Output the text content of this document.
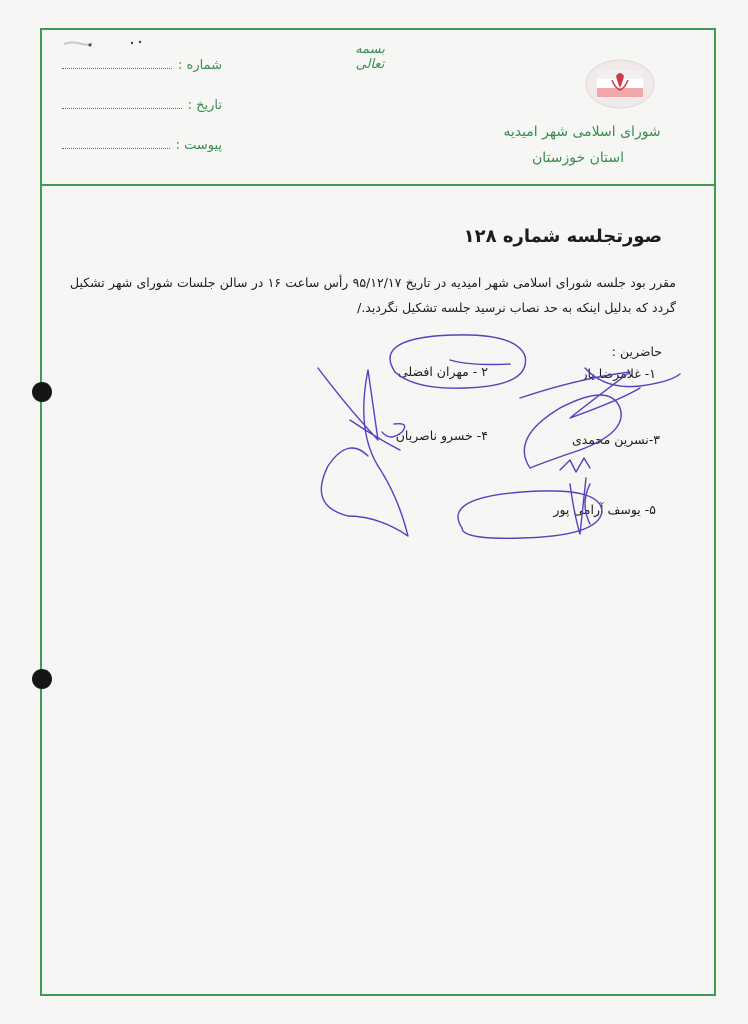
شماره :
تاریخ :
پیوست :
بسمه تعالی
شورای اسلامی شهر امیدیه
استان خوزستان
صورتجلسه شماره ۱۲۸
مقرر بود جلسه شورای اسلامی شهر امیدیه در تاریخ ۹۵/۱۲/۱۷ رأس ساعت ۱۶ در سالن جلسات شورای شهر تشکیل گردد که بدلیل اینکه به حد نصاب نرسید جلسه تشکیل نگردید./
حاضرین :
۱- غلامرضا یار
۲ - مهران افضلی
۳-نسرین محمدی
۴- خسرو ناصریان
۵- یوسف آرامی پور
